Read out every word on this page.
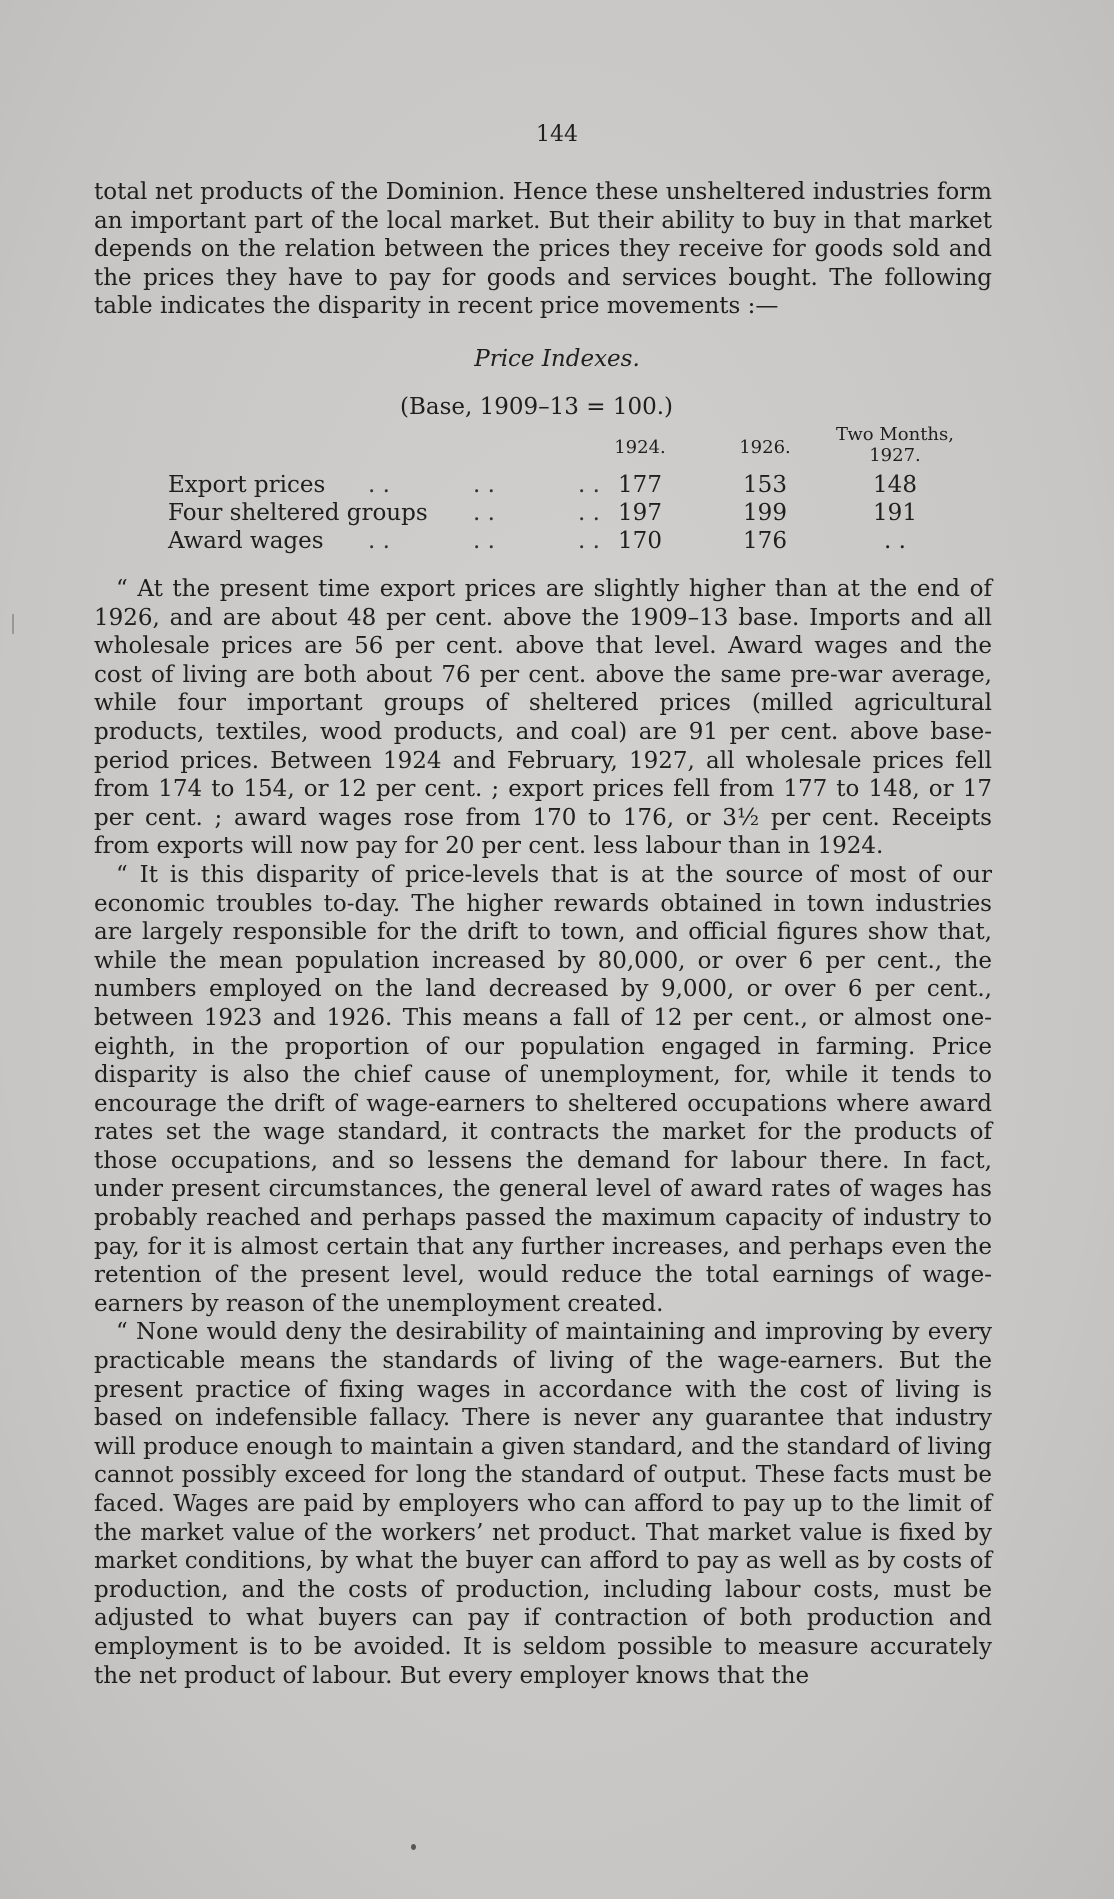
144

total net products of the Dominion. Hence these unsheltered industries form an important part of the local market. But their ability to buy in that market depends on the relation between the prices they receive for goods sold and the prices they have to pay for goods and services bought. The following table indicates the disparity in recent price movements :—

Price Indexes.
(Base, 1909–13 = 100.)
1924.	1926.
Two Months,
1927.
Export prices . .	. .	. . 177	153	148
Four sheltered groups . .	. . 197	199	191
Award wages . .	. .	. . 170	176	. .

“ At the present time export prices are slightly higher than at the end of 1926, and are about 48 per cent. above the 1909–13 base. Imports and all wholesale prices are 56 per cent. above that level. Award wages and the cost of living are both about 76 per cent. above the same pre-war average, while four important groups of sheltered prices (milled agricultural products, textiles, wood products, and coal) are 91 per cent. above base-period prices. Between 1924 and February, 1927, all wholesale prices fell from 174 to 154, or 12 per cent. ; export prices fell from 177 to 148, or 17 per cent. ; award wages rose from 170 to 176, or 3½ per cent. Receipts from exports will now pay for 20 per cent. less labour than in 1924.

“ It is this disparity of price-levels that is at the source of most of our economic troubles to-day. The higher rewards obtained in town industries are largely responsible for the drift to town, and official figures show that, while the mean population increased by 80,000, or over 6 per cent., the numbers employed on the land decreased by 9,000, or over 6 per cent., between 1923 and 1926. This means a fall of 12 per cent., or almost one-eighth, in the proportion of our population engaged in farming. Price disparity is also the chief cause of unemployment, for, while it tends to encourage the drift of wage-earners to sheltered occupations where award rates set the wage standard, it contracts the market for the products of those occupations, and so lessens the demand for labour there. In fact, under present circumstances, the general level of award rates of wages has probably reached and perhaps passed the maximum capacity of industry to pay, for it is almost certain that any further increases, and perhaps even the retention of the present level, would reduce the total earnings of wage-earners by reason of the unemployment created.

“ None would deny the desirability of maintaining and improving by every practicable means the standards of living of the wage-earners. But the present practice of fixing wages in accordance with the cost of living is based on indefensible fallacy. There is never any guarantee that industry will produce enough to maintain a given standard, and the standard of living cannot possibly exceed for long the standard of output. These facts must be faced. Wages are paid by employers who can afford to pay up to the limit of the market value of the workers’ net product. That market value is fixed by market conditions, by what the buyer can afford to pay as well as by costs of production, and the costs of production, including labour costs, must be adjusted to what buyers can pay if contraction of both production and employment is to be avoided. It is seldom possible to measure accurately the net product of labour. But every employer knows that the
